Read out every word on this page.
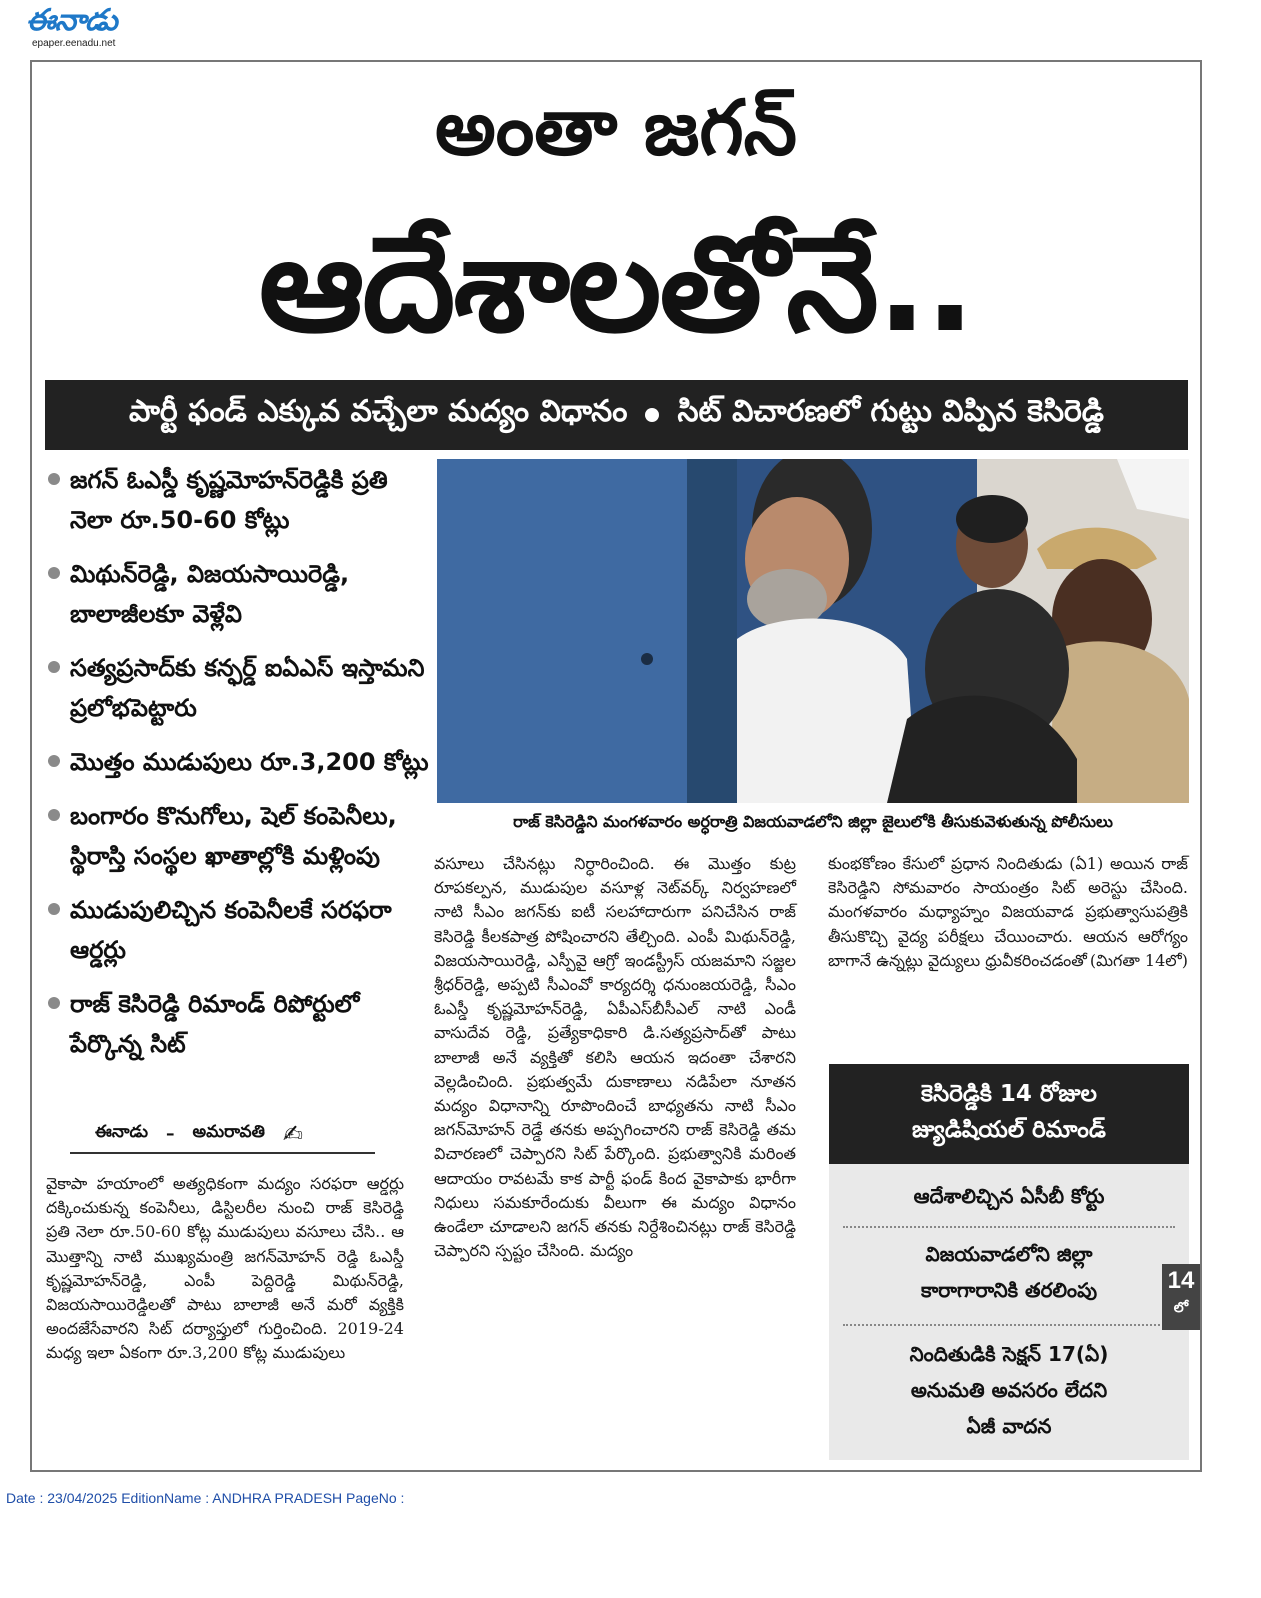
ఈనాడు
epaper.eenadu.net
అంతా జగన్
ఆదేశాలతోనే..
పార్టీ ఫండ్ ఎక్కువ వచ్చేలా మద్యం విధానం సిట్ విచారణలో గుట్టు విప్పిన కెసిరెడ్డి
జగన్ ఓఎస్డీ కృష్ణమోహన్‌రెడ్డికి ప్రతి నెలా రూ.50-60 కోట్లు
మిథున్‌రెడ్డి, విజయసాయిరెడ్డి, బాలాజీలకూ వెళ్లేవి
సత్యప్రసాద్‌కు కన్ఫర్డ్ ఐఏఎస్ ఇస్తామని ప్రలోభపెట్టారు
మొత్తం ముడుపులు రూ.3,200 కోట్లు
బంగారం కొనుగోలు, షెల్ కంపెనీలు, స్థిరాస్తి సంస్థల ఖాతాల్లోకి మళ్లింపు
ముడుపులిచ్చిన కంపెనీలకే సరఫరా ఆర్డర్లు
రాజ్ కెసిరెడ్డి రిమాండ్ రిపోర్టులో పేర్కొన్న సిట్
ఈనాడు – అమరావతి ✍
వైకాపా హయాంలో అత్యధికంగా మద్యం సరఫరా ఆర్డర్లు దక్కించుకున్న కంపెనీలు, డిస్టిలరీల నుంచి రాజ్ కెసిరెడ్డి ప్రతి నెలా రూ.50-60 కోట్ల ముడుపులు వసూలు చేసి.. ఆ మొత్తాన్ని నాటి ముఖ్యమంత్రి జగన్‌మోహన్ రెడ్డి ఓఎస్డీ కృష్ణమోహన్‌రెడ్డి, ఎంపీ పెద్దిరెడ్డి మిథున్‌రెడ్డి, విజయసాయిరెడ్డిలతో పాటు బాలాజీ అనే మరో వ్యక్తికి అందజేసేవారని సిట్ దర్యాప్తులో గుర్తించింది. 2019-24 మధ్య ఇలా ఏకంగా రూ.3,200 కోట్ల ముడుపులు
వసూలు చేసినట్లు నిర్ధారించింది. ఈ మొత్తం కుట్ర రూపకల్పన, ముడుపుల వసూళ్ల నెట్‌వర్క్ నిర్వహణలో నాటి సీఎం జగన్‌కు ఐటీ సలహాదారుగా పనిచేసిన రాజ్ కెసిరెడ్డి కీలకపాత్ర పోషించారని తేల్చింది. ఎంపీ మిథున్‌రెడ్డి, విజయసాయిరెడ్డి, ఎస్పీవై ఆగ్రో ఇండస్ట్రీస్ యజమాని సజ్జల శ్రీధర్‌రెడ్డి, అప్పటి సీఎంవో కార్యదర్శి ధనుంజయరెడ్డి, సీఎం ఓఎస్డీ కృష్ణమోహన్‌రెడ్డి, ఏపీఎస్‌బీసీఎల్ నాటి ఎండీ వాసుదేవ రెడ్డి, ప్రత్యేకాధికారి డి.సత్యప్రసాద్‌తో పాటు బాలాజీ అనే వ్యక్తితో కలిసి ఆయన ఇదంతా చేశారని వెల్లడించింది. ప్రభుత్వమే దుకాణాలు నడిపేలా నూతన మద్యం విధానాన్ని రూపొందించే బాధ్యతను నాటి సీఎం జగన్‌మోహన్ రెడ్డే తనకు అప్పగించారని రాజ్ కెసిరెడ్డి తమ విచారణలో చెప్పారని సిట్ పేర్కొంది. ప్రభుత్వానికి మరింత ఆదాయం రావటమే కాక పార్టీ ఫండ్ కింద వైకాపాకు భారీగా నిధులు సమకూరేందుకు వీలుగా ఈ మద్యం విధానం ఉండేలా చూడాలని జగన్ తనకు నిర్దేశించినట్లు రాజ్ కెసిరెడ్డి చెప్పారని స్పష్టం చేసింది. మద్యం
కుంభకోణం కేసులో ప్రధాన నిందితుడు (ఏ1) అయిన రాజ్ కెసిరెడ్డిని సోమవారం సాయంత్రం సిట్ అరెస్టు చేసింది. మంగళవారం మధ్యాహ్నం విజయవాడ ప్రభుత్వాసుపత్రికి తీసుకొచ్చి వైద్య పరీక్షలు చేయించారు. ఆయన ఆరోగ్యం బాగానే ఉన్నట్లు వైద్యులు ధ్రువీకరించడంతో (మిగతా 14లో)
రాజ్ కెసిరెడ్డిని మంగళవారం అర్ధరాత్రి విజయవాడలోని జిల్లా జైలులోకి తీసుకువెళుతున్న పోలీసులు
కెసిరెడ్డికి 14 రోజుల
జ్యుడిషియల్ రిమాండ్
ఆదేశాలిచ్చిన ఏసీబీ కోర్టు
విజయవాడలోని జిల్లా
కారాగారానికి తరలింపు
నిందితుడికి సెక్షన్ 17(ఏ)
అనుమతి అవసరం లేదని
ఏజీ వాదన
14
లో
Date : 23/04/2025 EditionName : ANDHRA PRADESH PageNo :
